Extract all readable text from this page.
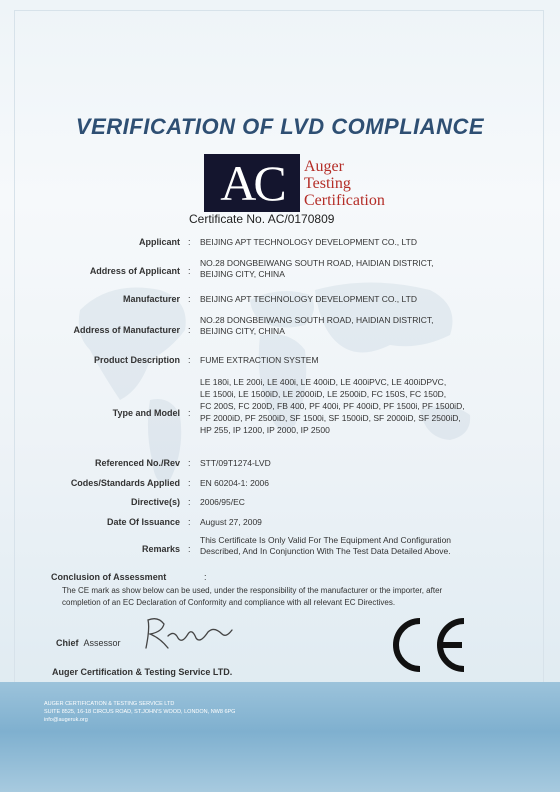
VERIFICATION OF LVD COMPLIANCE
AC	Auger
Testing
Certification
Certificate No. AC/0170809
Applicant : BEIJING APT TECHNOLOGY DEVELOPMENT CO., LTD
Address of Applicant :
NO.28 DONGBEIWANG SOUTH ROAD, HAIDIAN DISTRICT,
BEIJING CITY, CHINA
Manufacturer : BEIJING APT TECHNOLOGY DEVELOPMENT CO., LTD
Address of Manufacturer :
NO.28 DONGBEIWANG SOUTH ROAD, HAIDIAN DISTRICT,
BEIJING CITY, CHINA
Product Description : FUME EXTRACTION SYSTEM
Type and Model :
LE 180i, LE 200i, LE 400i, LE 400iD, LE 400iPVC, LE 400iDPVC,
LE 1500i, LE 1500iD, LE 2000iD, LE 2500iD, FC 150S, FC 150D,
FC 200S, FC 200D, FB 400, PF 400i, PF 400iD, PF 1500i, PF 1500iD,
PF 2000iD, PF 2500iD, SF 1500i, SF 1500iD, SF 2000iD, SF 2500iD,
HP 255, IP 1200, IP 2000, IP 2500
Referenced No./Rev : STT/09T1274-LVD
Codes/Standards Applied : EN 60204-1: 2006
Directive(s) : 2006/95/EC
Date Of Issuance : August 27, 2009
Remarks :
This Certificate Is Only Valid For The Equipment And Configuration
Described, And In Conjunction With The Test Data Detailed Above.
Conclusion of Assessment	:
The CE mark as show below can be used, under the responsibility of the manufacturer or the importer, after
completion of an EC Declaration of Conformity and compliance with all relevant EC Directives.
Chief Assessor
Auger Certification & Testing Service LTD.
AUGER CERTIFICATION & TESTING SERVICE LTD
SUITE 8525, 16-18 CIRCUS ROAD, ST.JOHN'S WOOD, LONDON, NW8 6PG
info@augeruk.org
